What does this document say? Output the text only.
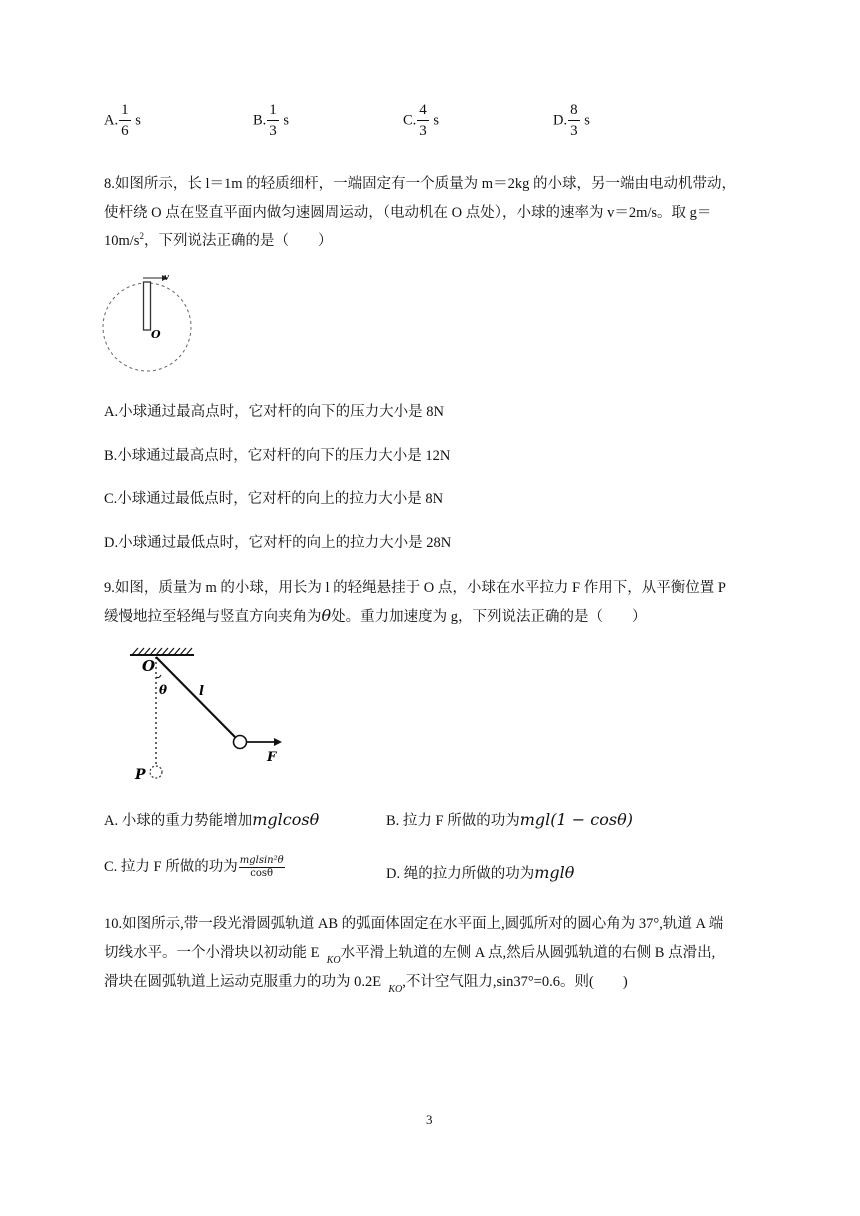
A. $\frac{1}{6}$ s	B. $\frac{1}{3}$ s	C. $\frac{4}{3}$ s	D. $\frac{8}{3}$ s
8.如图所示，长 l＝1m 的轻质细杆，一端固定有一个质量为 m＝2kg 的小球，另一端由电动机带动，
使杆绕 O 点在竖直平面内做匀速圆周运动，（电动机在 O 点处），小球的速率为 v＝2m/s。取 g＝
$10m/s^2$，下列说法正确的是（　　）
v
O
A.小球通过最高点时，它对杆的向下的压力大小是 8N
B.小球通过最高点时，它对杆的向下的压力大小是 12N
C.小球通过最低点时，它对杆的向上的拉力大小是 8N
D.小球通过最低点时，它对杆的向上的拉力大小是 28N
9.如图，质量为 m 的小球，用长为 l 的轻绳悬挂于 O 点，小球在水平拉力 F 作用下，从平衡位置 P
缓慢地拉至轻绳与竖直方向夹角为θ处。重力加速度为 g，下列说法正确的是（　　）
O
θ l
F
P
A. 小球的重力势能增加mglcosθ	B. 拉力 F 所做的功为mgl(1 − cosθ)
C. 拉力 F 所做的功为 $\frac{\text{mglsin²θ}}{\cos\theta}$	D. 绳的拉力所做的功为mglθ
10.如图所示,带一段光滑圆弧轨道 AB 的弧面体固定在水平面上,圆弧所对的圆心角为 37°,轨道 A 端
切线水平。一个小滑块以初动能 E $_{KO}$水平滑上轨道的左侧 A 点,然后从圆弧轨道的右侧 B 点滑出,
滑块在圆弧轨道上运动克服重力的功为 0.2E $_{KO}$,不计空气阻力,sin37°=0.6。则(　　)
3
